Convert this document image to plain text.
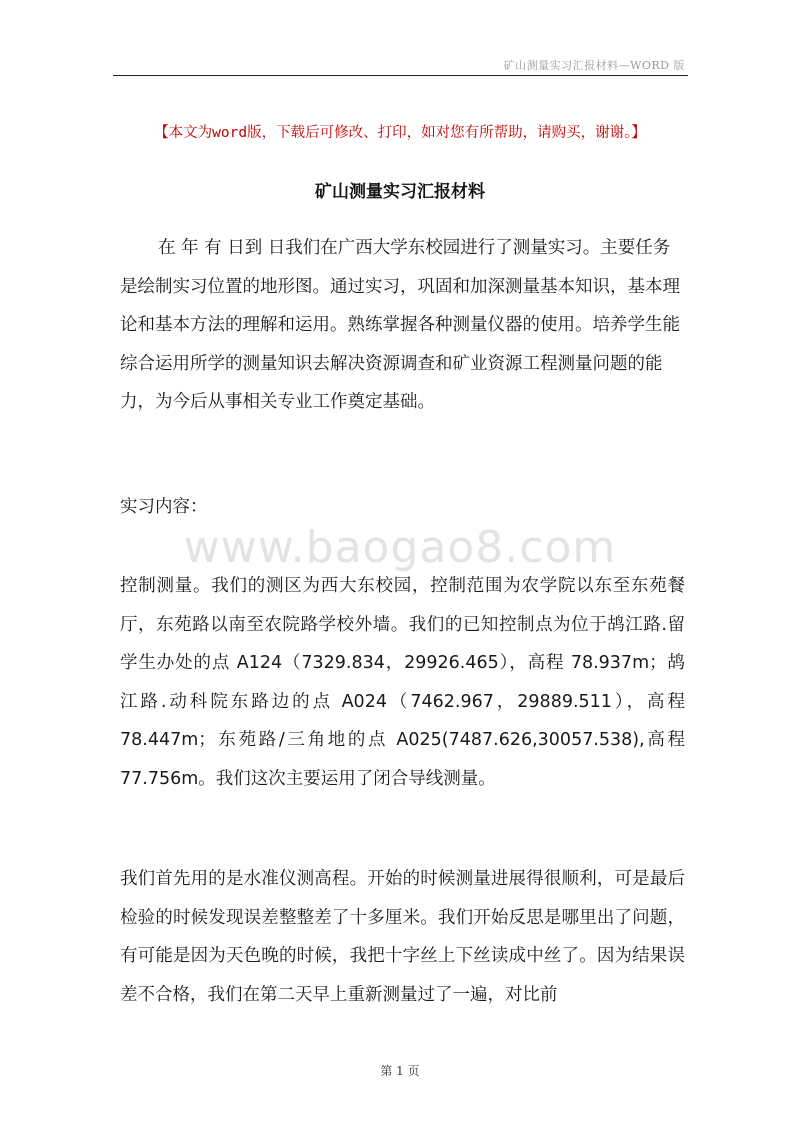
矿山测量实习汇报材料—WORD 版
【本文为word版，下载后可修改、打印，如对您有所帮助，请购买，谢谢。】
矿山测量实习汇报材料
在 年 有 日到 日我们在广西大学东校园进行了测量实习。主要任务是绘制实习位置的地形图。通过实习，巩固和加深测量基本知识，基本理论和基本方法的理解和运用。熟练掌握各种测量仪器的使用。培养学生能综合运用所学的测量知识去解决资源调查和矿业资源工程测量问题的能力，为今后从事相关专业工作奠定基础。
实习内容：
www.baogao8.com
控制测量。我们的测区为西大东校园，控制范围为农学院以东至东苑餐厅，东苑路以南至农院路学校外墙。我们的已知控制点为位于鸪江路.留学生办处的点 A124（7329.834，29926.465），高程 78.937m；鸪江路.动科院东路边的点 A024（7462.967，29889.511），高程 78.447m；东苑路/三角地的点 A025(7487.626,30057.538),高程 77.756m。我们这次主要运用了闭合导线测量。
我们首先用的是水准仪测高程。开始的时候测量进展得很顺利，可是最后检验的时候发现误差整整差了十多厘米。我们开始反思是哪里出了问题，有可能是因为天色晚的时候，我把十字丝上下丝读成中丝了。因为结果误差不合格，我们在第二天早上重新测量过了一遍，对比前
第 1 页
